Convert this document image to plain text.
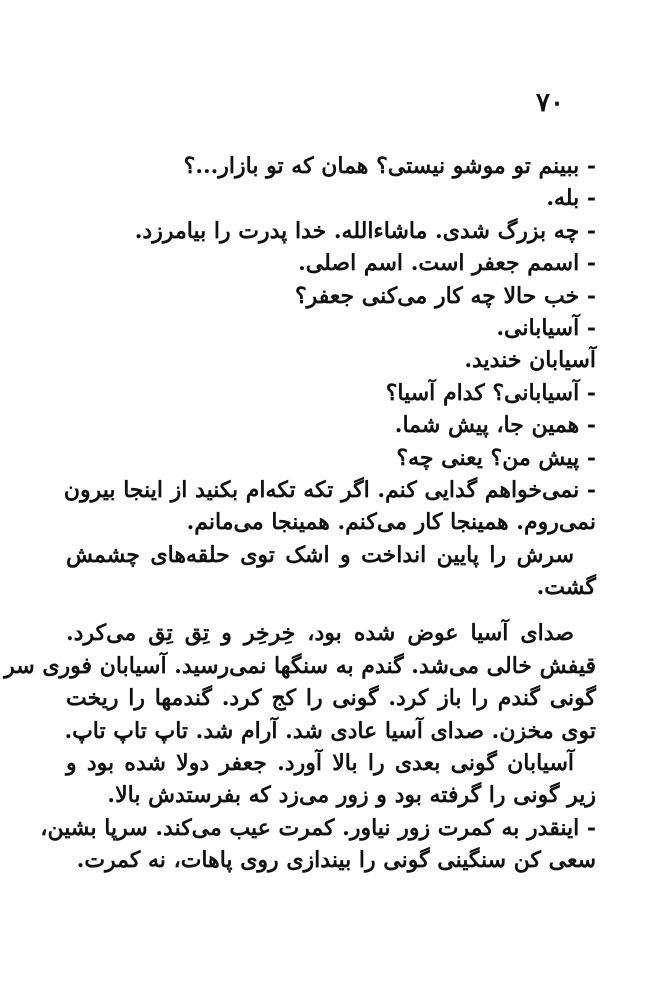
۷۰
- ببینم تو موشو نیستی؟ همان که تو بازار...؟
- بله.
- چه بزرگ شدی. ماشاءالله. خدا پدرت را بیامرزد.
- اسمم جعفر است. اسم اصلی.
- خب حالا چه کار می‌کنی جعفر؟
- آسیابانی.
آسیابان خندید.
- آسیابانی؟ کدام آسیا؟
- همین جا، پیش شما.
- پیش من؟ یعنی چه؟
- نمی‌خواهم گدایی کنم. اگر تکه تکه‌ام بکنید از اینجا بیرون
نمی‌روم. همینجا کار می‌کنم. همینجا می‌مانم.
سرش را پایین انداخت و اشک توی حلقه‌های چشمش
گشت.
صدای آسیا عوض شده بود، خِرخِر و تِق تِق می‌کرد.
قیفش خالی می‌شد. گندم به سنگها نمی‌رسید. آسیابان فوری سر
گونی گندم را باز کرد. گونی را کج کرد. گندمها را ریخت
توی مخزن. صدای آسیا عادی شد. آرام شد. تاپ تاپ تاپ.
آسیابان گونی بعدی را بالا آورد. جعفر دولا شده بود و
زیر گونی را گرفته بود و زور می‌زد که بفرستدش بالا.
- اینقدر به کمرت زور نیاور. کمرت عیب می‌کند. سرپا بشین،
سعی کن سنگینی گونی را بیندازی روی پاهات، نه کمرت.
